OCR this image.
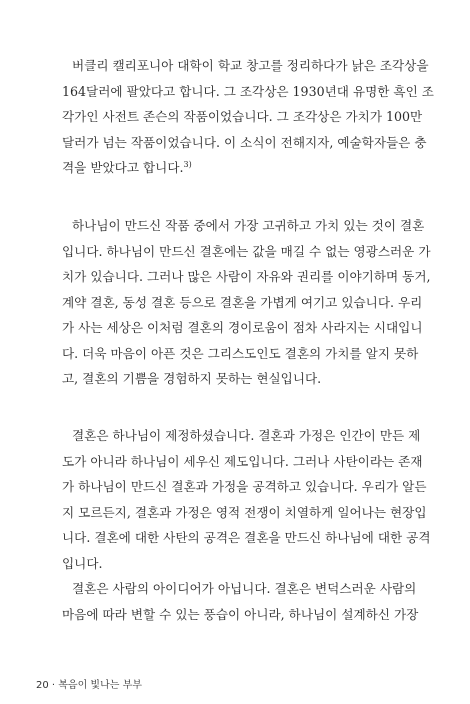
버클리 캘리포니아 대학이 학교 창고를 정리하다가 낡은 조각상을
164달러에 팔았다고 합니다. 그 조각상은 1930년대 유명한 흑인 조
각가인 사전트 존슨의 작품이었습니다. 그 조각상은 가치가 100만
달러가 넘는 작품이었습니다. 이 소식이 전해지자, 예술학자들은 충
격을 받았다고 합니다.$^{3)}$
하나님이 만드신 작품 중에서 가장 고귀하고 가치 있는 것이 결혼
입니다. 하나님이 만드신 결혼에는 값을 매길 수 없는 영광스러운 가
치가 있습니다. 그러나 많은 사람이 자유와 권리를 이야기하며 동거,
계약 결혼, 동성 결혼 등으로 결혼을 가볍게 여기고 있습니다. 우리
가 사는 세상은 이처럼 결혼의 경이로움이 점차 사라지는 시대입니
다. 더욱 마음이 아픈 것은 그리스도인도 결혼의 가치를 알지 못하
고, 결혼의 기쁨을 경험하지 못하는 현실입니다.
결혼은 하나님이 제정하셨습니다. 결혼과 가정은 인간이 만든 제
도가 아니라 하나님이 세우신 제도입니다. 그러나 사탄이라는 존재
가 하나님이 만드신 결혼과 가정을 공격하고 있습니다. 우리가 알든
지 모르든지, 결혼과 가정은 영적 전쟁이 치열하게 일어나는 현장입
니다. 결혼에 대한 사탄의 공격은 결혼을 만드신 하나님에 대한 공격
입니다.
결혼은 사람의 아이디어가 아닙니다. 결혼은 변덕스러운 사람의
마음에 따라 변할 수 있는 풍습이 아니라, 하나님이 설계하신 가장
20 · 복음이 빛나는 부부
